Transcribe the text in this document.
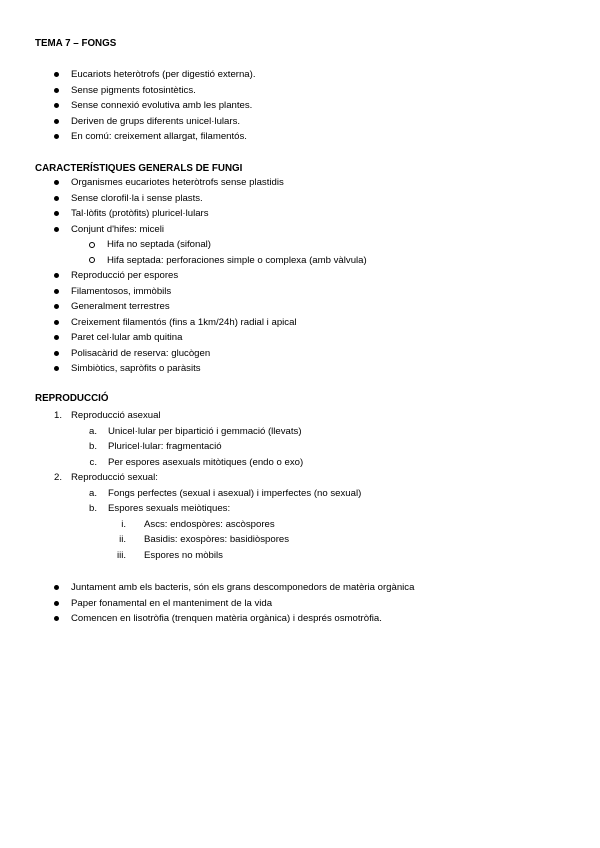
TEMA 7 – FONGS
Eucariots heteròtrofs (per digestió externa).
Sense pigments fotosintètics.
Sense connexió evolutiva amb les plantes.
Deriven de grups diferents unicel·lulars.
En comú: creixement allargat, filamentós.
CARACTERÍSTIQUES GENERALS DE FUNGI
Organismes eucariotes heteròtrofs sense plastidis
Sense clorofil·la i sense plasts.
Tal·lòfits (protòfits) pluricel·lulars
Conjunt d'hifes: miceli
Hifa no septada (sifonal)
Hifa septada: perforaciones simple o complexa (amb vàlvula)
Reproducció per espores
Filamentosos, immòbils
Generalment terrestres
Creixement filamentós (fins a 1km/24h) radial i apical
Paret cel·lular amb quitina
Polisacàrid de reserva: glucògen
Simbiòtics, sapròfits o paràsits
REPRODUCCIÓ
1. Reproducció asexual
a. Unicel·lular per bipartició i gemmació (llevats)
b. Pluricel·lular: fragmentació
c. Per espores asexuals mitòtiques (endo o exo)
2. Reproducció sexual:
a. Fongs perfectes (sexual i asexual) i imperfectes (no sexual)
b. Espores sexuals meiòtiques:
i. Ascs: endospòres: ascòspores
ii. Basidis: exospòres: basidiòspores
iii. Espores no mòbils
Juntament amb els bacteris, són els grans descomponedors de matèria orgànica
Paper fonamental en el manteniment de la vida
Comencen en lisotròfia (trenquen matèria orgànica) i després osmotròfia.
